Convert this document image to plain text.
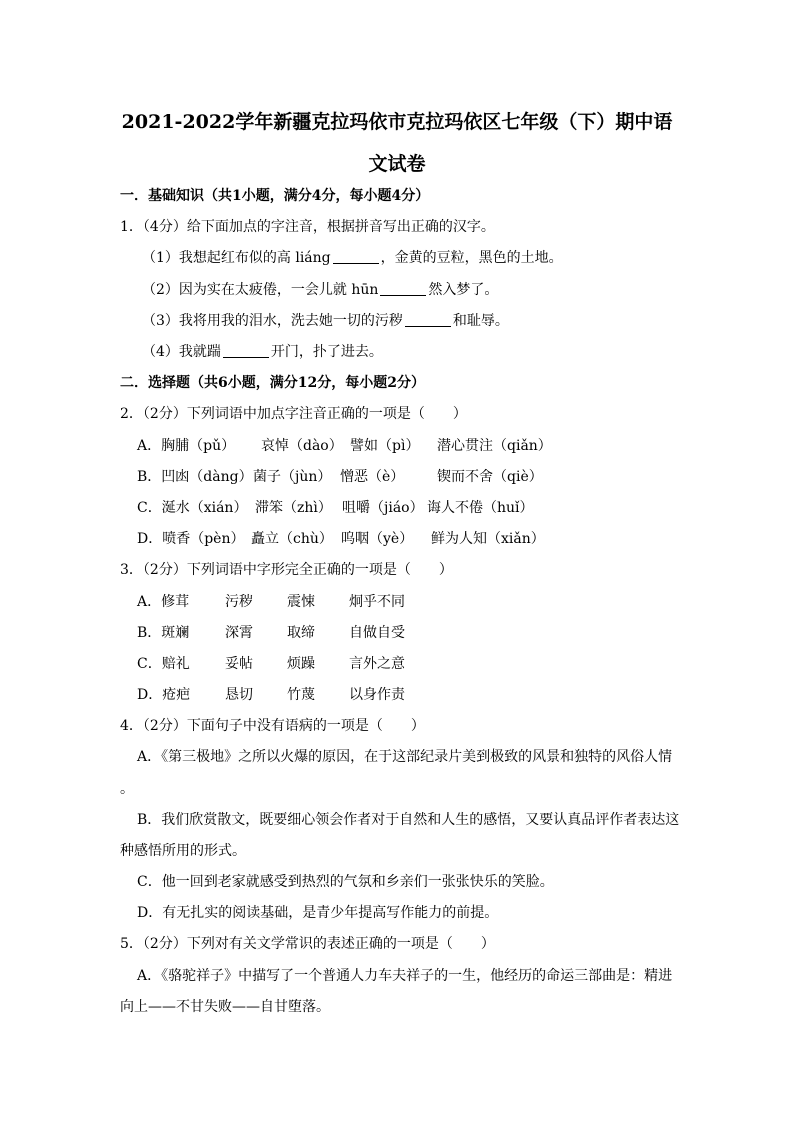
2021-2022学年新疆克拉玛依市克拉玛依区七年级（下）期中语
文试卷
一．基础知识（共1小题，满分4分，每小题4分）
1．（4分）给下面加点的字注音，根据拼音写出正确的汉字。
（1）我想起红布似的高 liáng	，金黄的豆粒，黑色的土地。
（2）因为实在太疲倦，一会儿就 hūn	然入梦了。
（3）我将用我的泪水，洗去她一切的污秽	和耻辱。
（4）我就踹	开门，扑了进去。
二．选择题（共6小题，满分12分，每小题2分）
2．（2分）下列词语中加点字注音正确的一项是（　　）
A．胸脯（pǔ） 哀悼（dào） 譬如（pì） 潜心贯注（qiǎn）
B．凹凼（dàng） 菌子（jùn） 憎恶（è） 锲而不舍（qiè）
C．涎水（xián） 滞笨（zhì） 咀嚼（jiáo） 诲人不倦（huǐ）
D．喷香（pèn） 矗立（chù） 呜咽（yè） 鲜为人知（xiǎn）
3．（2分）下列词语中字形完全正确的一项是（　　）
A．修茸	污秽 震悚 炯乎不同
B．斑斓	深霄 取缔 自做自受
C．赔礼	妥帖 烦躁 言外之意
D．疮疤 恳切 竹蔑 以身作责
4．（2分）下面句子中没有语病的一项是（　　）
A．《第三极地》之所以火爆的原因，在于这部纪录片美到极致的风景和独特的风俗人情
。
B．我们欣赏散文，既要细心领会作者对于自然和人生的感悟，又要认真品评作者表达这
种感悟所用的形式。
C．他一回到老家就感受到热烈的气氛和乡亲们一张张快乐的笑脸。
D．有无扎实的阅读基础，是青少年提高写作能力的前提。
5．（2分）下列对有关文学常识的表述正确的一项是（　　）
A．《骆驼祥子》中描写了一个普通人力车夫祥子的一生，他经历的命运三部曲是：精进
向上——不甘失败——自甘堕落。
